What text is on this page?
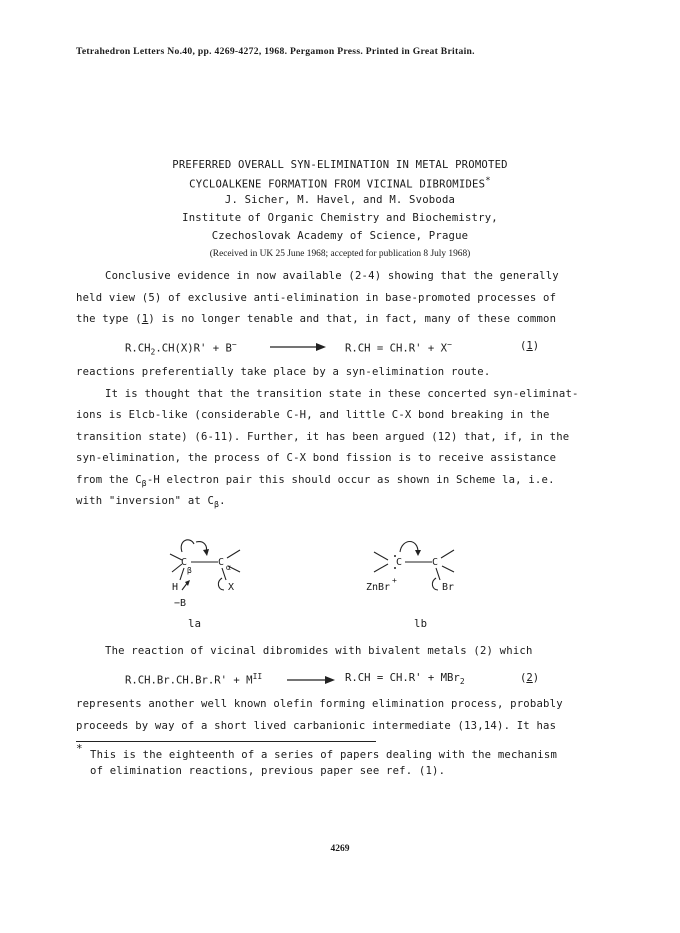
Tetrahedron Letters No.40, pp. 4269-4272, 1968. Pergamon Press. Printed in Great Britain.
PREFERRED OVERALL SYN-ELIMINATION IN METAL PROMOTED
CYCLOALKENE FORMATION FROM VICINAL DIBROMIDES*
J. Sicher, M. Havel, and M. Svoboda
Institute of Organic Chemistry and Biochemistry,
Czechoslovak Academy of Science, Prague
(Received in UK 25 June 1968; accepted for publication 8 July 1968)
Conclusive evidence in now available (2-4) showing that the generally
held view (5) of exclusive anti-elimination in base-promoted processes of
the type (1) is no longer tenable and that, in fact, many of these common
$R.CH_2.CH(X)R' + B^- \to R.CH = CH.R' + X^-$	(1)
reactions preferentially take place by a syn-elimination route.
It is thought that the transition state in these concerted syn-eliminat-
ions is Elcb-like (considerable C-H, and little C-X bond breaking in the
transition state) (6-11). Further, it has been argued (12) that, if, in the
syn-elimination, the process of C-X bond fission is to receive assistance
from the $C_\beta-H$ electron pair this should occur as shown in Scheme la, i.e.
with "inversion" at $C_\beta$.
C
β
C α
H	X
−B
C	C
Br
ZnBr
+
la	lb
The reaction of vicinal dibromides with bivalent metals (2) which
$R.CH.Br.CH.Br.R' + M^{II} \to R.CH = CH.R' + MBr_2$	(2)
represents another well known olefin forming elimination process, probably
proceeds by way of a short lived carbanionic intermediate (13,14). It has
* This is the eighteenth of a series of papers dealing with the mechanism
of elimination reactions, previous paper see ref. (1).
4269
